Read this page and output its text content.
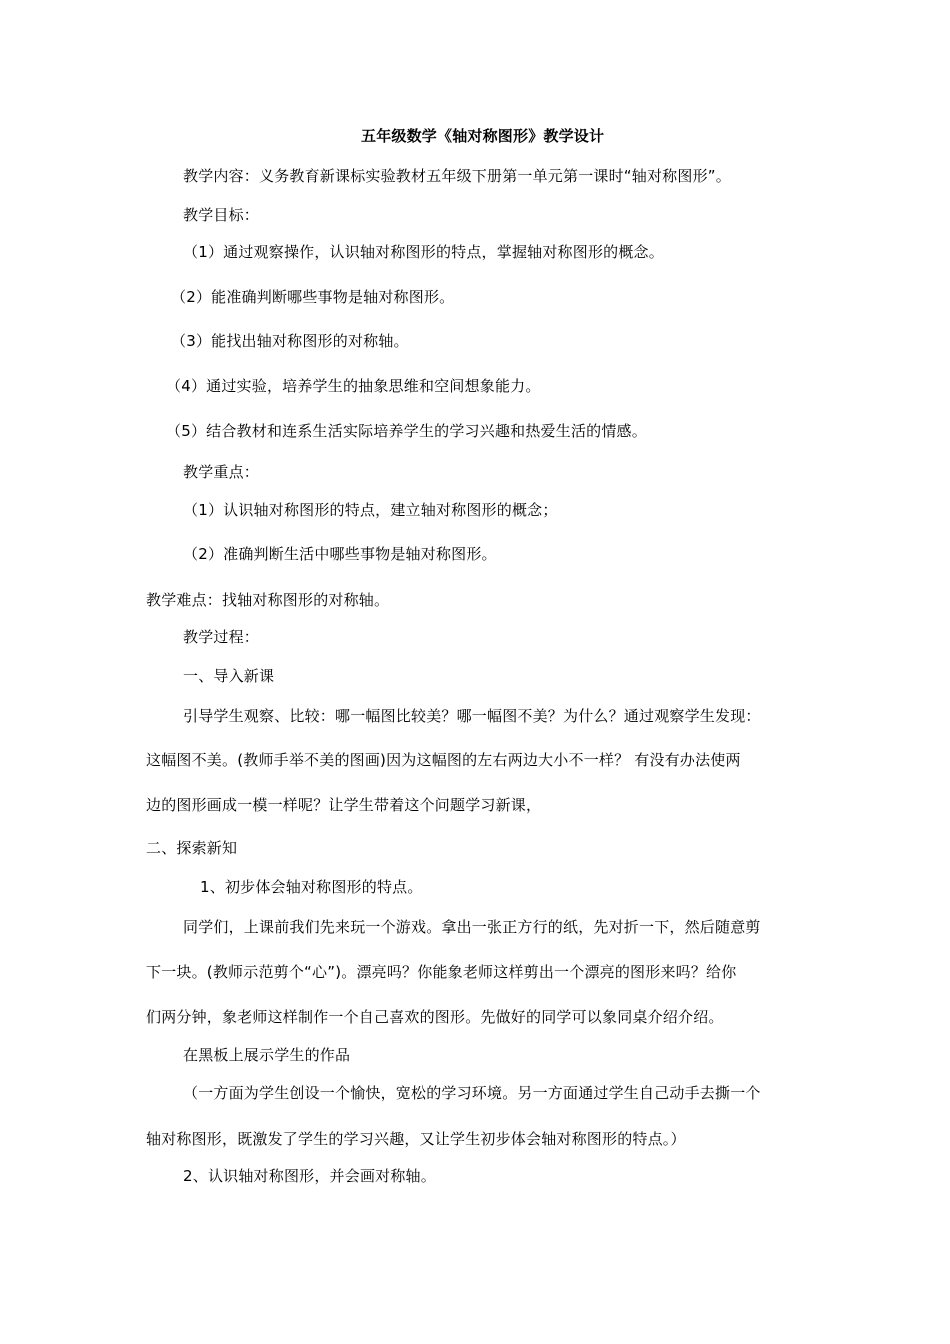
五年级数学《轴对称图形》教学设计
教学内容：义务教育新课标实验教材五年级下册第一单元第一课时“轴对称图形”。
教学目标：
（1）通过观察操作，认识轴对称图形的特点，掌握轴对称图形的概念。
（2）能准确判断哪些事物是轴对称图形。
（3）能找出轴对称图形的对称轴。
（4）通过实验，培养学生的抽象思维和空间想象能力。
（5）结合教材和连系生活实际培养学生的学习兴趣和热爱生活的情感。
教学重点：
（1）认识轴对称图形的特点，建立轴对称图形的概念；
（2）准确判断生活中哪些事物是轴对称图形。
教学难点：找轴对称图形的对称轴。
教学过程：
一、导入新课
引导学生观察、比较：哪一幅图比较美？哪一幅图不美？为什么？通过观察学生发现：
这幅图不美。(教师手举不美的图画)因为这幅图的左右两边大小不一样？ 有没有办法使两
边的图形画成一模一样呢？让学生带着这个问题学习新课，
二、探索新知
1、初步体会轴对称图形的特点。
同学们，上课前我们先来玩一个游戏。拿出一张正方行的纸，先对折一下，然后随意剪
下一块。(教师示范剪个“心”)。漂亮吗？你能象老师这样剪出一个漂亮的图形来吗？给你
们两分钟，象老师这样制作一个自己喜欢的图形。先做好的同学可以象同桌介绍介绍。
在黑板上展示学生的作品
（一方面为学生创设一个愉快，宽松的学习环境。另一方面通过学生自己动手去撕一个
轴对称图形，既激发了学生的学习兴趣，又让学生初步体会轴对称图形的特点。）
2、认识轴对称图形，并会画对称轴。
